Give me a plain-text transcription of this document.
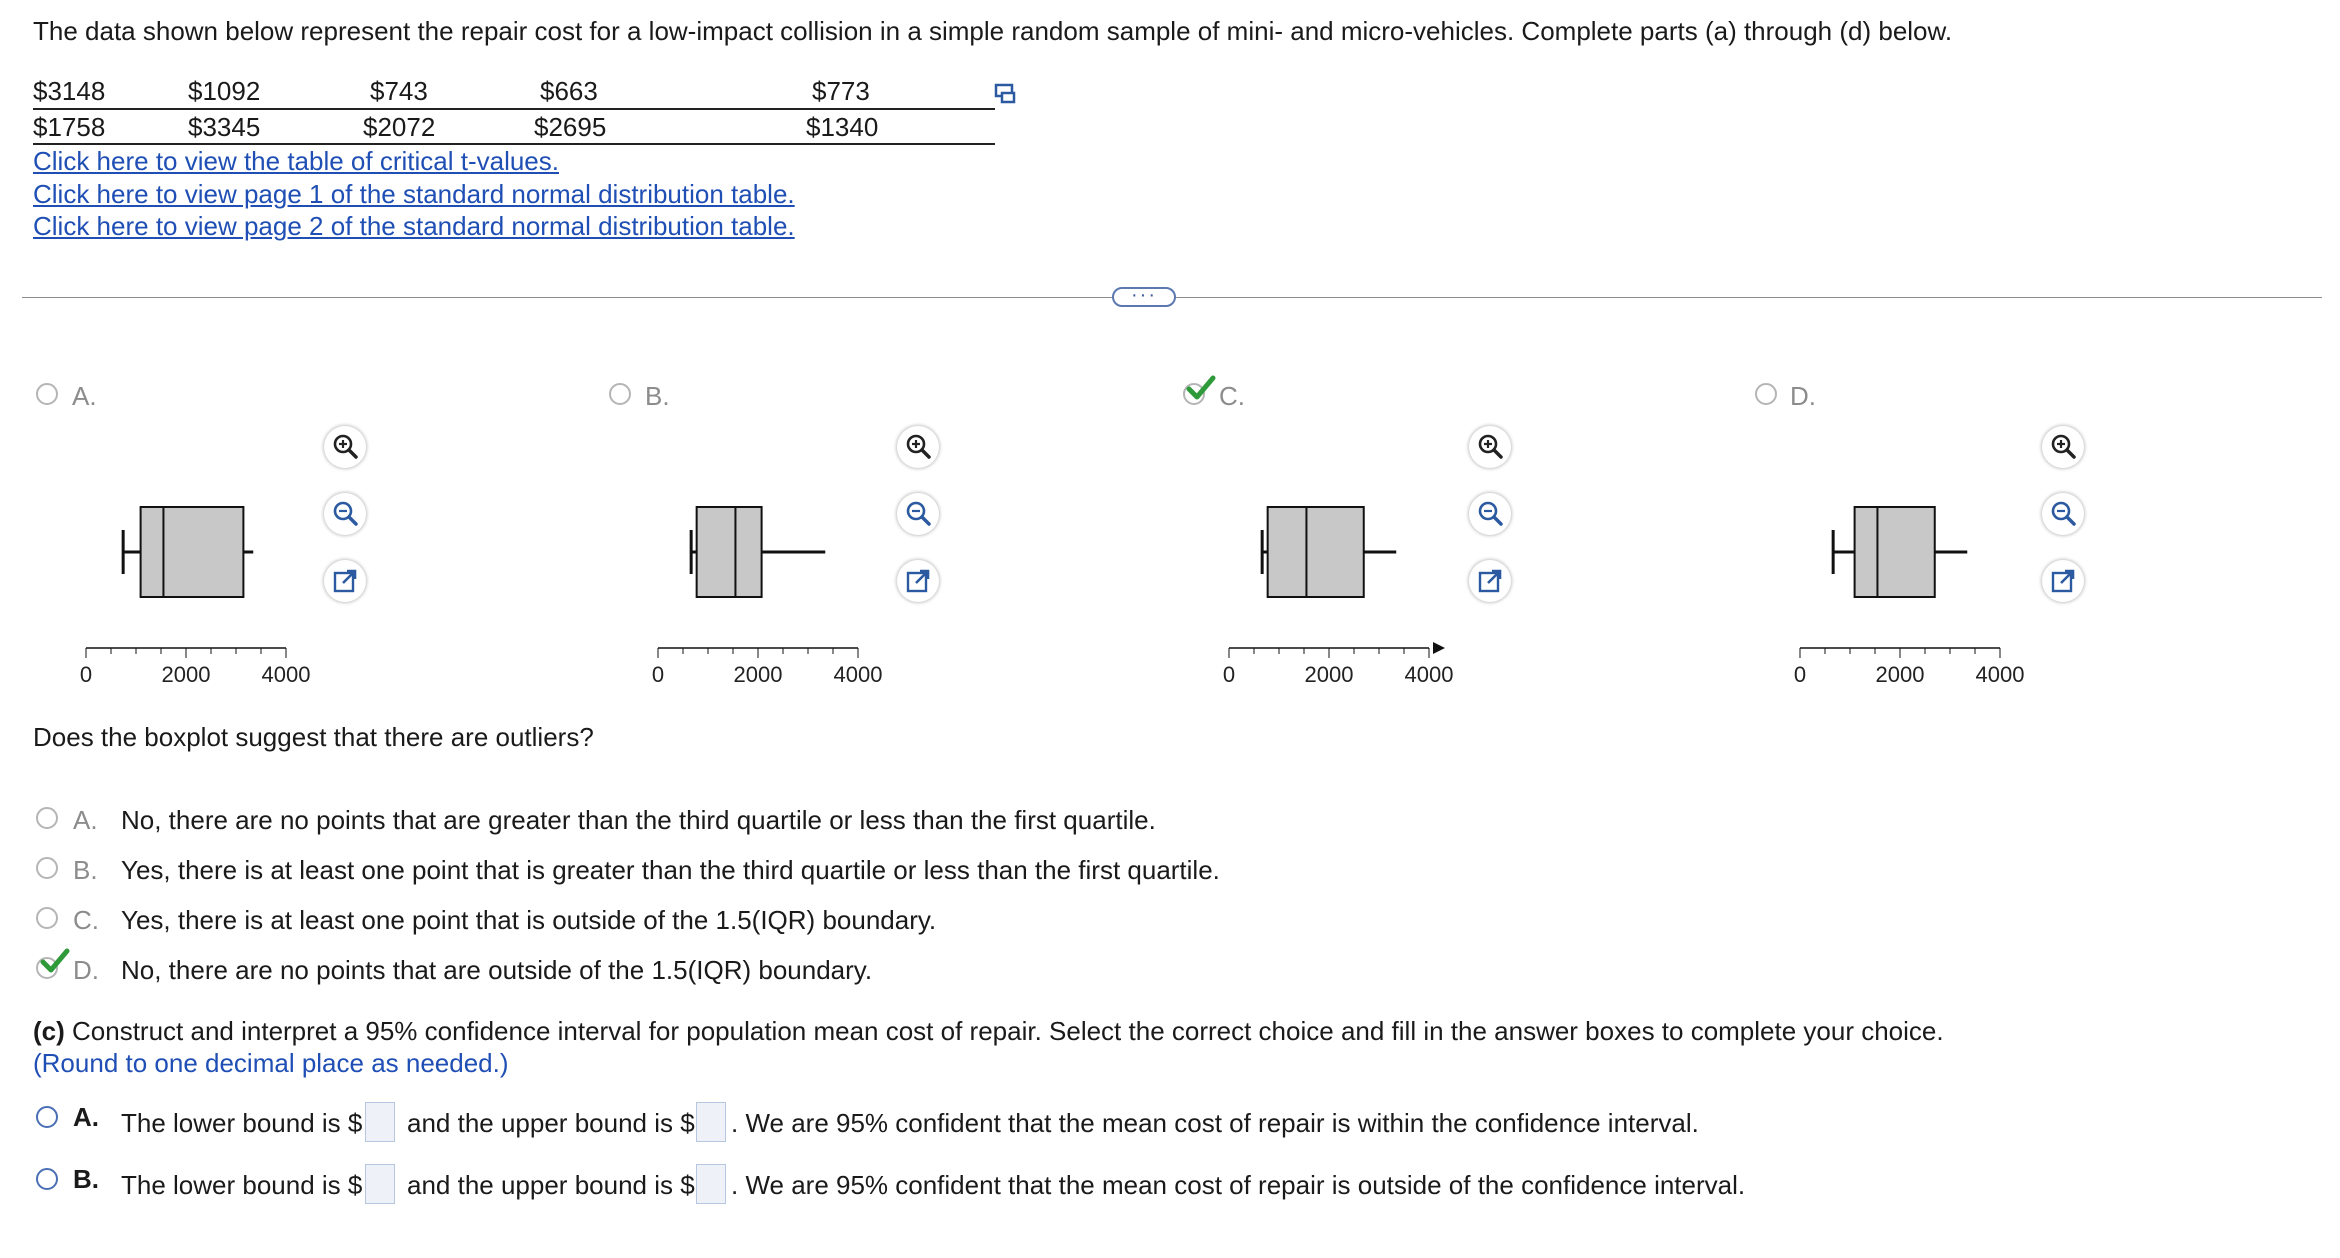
The data shown below represent the repair cost for a low-impact collision in a simple random sample of mini- and micro-vehicles. Complete parts (a) through (d) below.
$3148	$1092	$743	$663	$773
$1758	$3345	$2072	$2695	$1340
Click here to view the table of critical t-values.
Click here to view page 1 of the standard normal distribution table.
Click here to view page 2 of the standard normal distribution table.
···
A.
0	2000 4000
B.
0	2000 4000
C.
0	2000 4000
D.
0	2000 4000
Does the boxplot suggest that there are outliers?
A. No, there are no points that are greater than the third quartile or less than the first quartile.
B. Yes, there is at least one point that is greater than the third quartile or less than the first quartile.
C. Yes, there is at least one point that is outside of the 1.5(IQR) boundary.
D. No, there are no points that are outside of the 1.5(IQR) boundary.
(c) Construct and interpret a 95% confidence interval for population mean cost of repair. Select the correct choice and fill in the answer boxes to complete your choice.
(Round to one decimal place as needed.)
A. The lower bound is $ and the upper bound is $ . We are 95% confident that the mean cost of repair is within the confidence interval.
B. The lower bound is $ and the upper bound is $ . We are 95% confident that the mean cost of repair is outside of the confidence interval.
